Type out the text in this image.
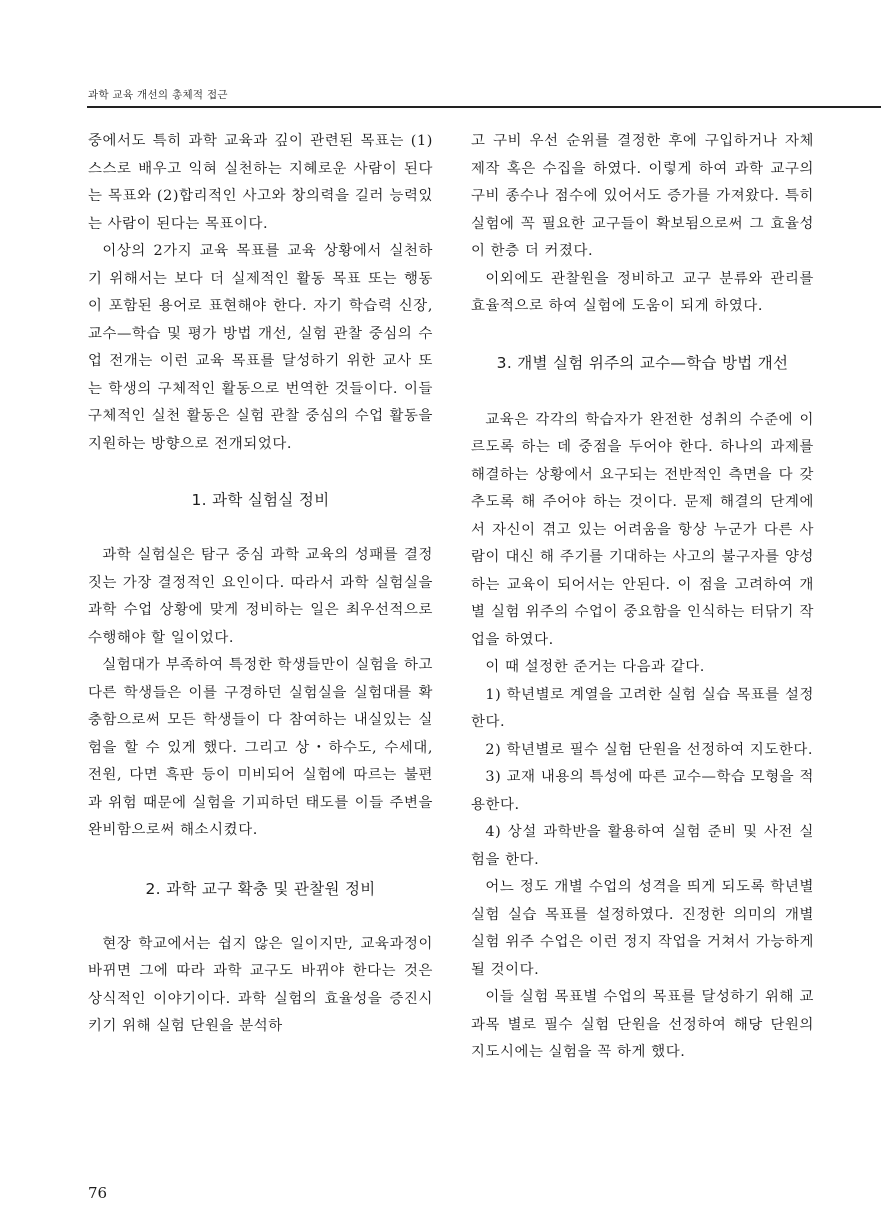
과학 교육 개선의 총체적 접근

중에서도 특히 과학 교육과 깊이 관련된 목표는 (1)스스로 배우고 익혀 실천하는 지혜로운 사람이 된다는 목표와 (2)합리적인 사고와 창의력을 길러 능력있는 사람이 된다는 목표이다.

이상의 2가지 교육 목표를 교육 상황에서 실천하기 위해서는 보다 더 실제적인 활동 목표 또는 행동이 포함된 용어로 표현해야 한다. 자기 학습력 신장, 교수—학습 및 평가 방법 개선, 실험 관찰 중심의 수업 전개는 이런 교육 목표를 달성하기 위한 교사 또는 학생의 구체적인 활동으로 번역한 것들이다. 이들 구체적인 실천 활동은 실험 관찰 중심의 수업 활동을 지원하는 방향으로 전개되었다.

1. 과학 실험실 정비

과학 실험실은 탐구 중심 과학 교육의 성패를 결정짓는 가장 결정적인 요인이다. 따라서 과학 실험실을 과학 수업 상황에 맞게 정비하는 일은 최우선적으로 수행해야 할 일이었다.

실험대가 부족하여 특정한 학생들만이 실험을 하고 다른 학생들은 이를 구경하던 실험실을 실험대를 확충함으로써 모든 학생들이 다 참여하는 내실있는 실험을 할 수 있게 했다. 그리고 상・하수도, 수세대, 전원, 다면 흑판 등이 미비되어 실험에 따르는 불편과 위험 때문에 실험을 기피하던 태도를 이들 주변을 완비함으로써 해소시켰다.

2. 과학 교구 확충 및 관찰원 정비

현장 학교에서는 쉽지 않은 일이지만, 교육과정이 바뀌면 그에 따라 과학 교구도 바뀌야 한다는 것은 상식적인 이야기이다. 과학 실험의 효율성을 증진시키기 위해 실험 단원을 분석하

고 구비 우선 순위를 결정한 후에 구입하거나 자체 제작 혹은 수집을 하였다. 이렇게 하여 과학 교구의 구비 종수나 점수에 있어서도 증가를 가져왔다. 특히 실험에 꼭 필요한 교구들이 확보됨으로써 그 효율성이 한층 더 커졌다.

이외에도 관찰원을 정비하고 교구 분류와 관리를 효율적으로 하여 실험에 도움이 되게 하였다.

3. 개별 실험 위주의 교수—학습 방법 개선

교육은 각각의 학습자가 완전한 성취의 수준에 이르도록 하는 데 중점을 두어야 한다. 하나의 과제를 해결하는 상황에서 요구되는 전반적인 측면을 다 갖추도록 해 주어야 하는 것이다. 문제 해결의 단계에서 자신이 겪고 있는 어려움을 항상 누군가 다른 사람이 대신 해 주기를 기대하는 사고의 불구자를 양성하는 교육이 되어서는 안된다. 이 점을 고려하여 개별 실험 위주의 수업이 중요함을 인식하는 터닦기 작업을 하였다.

이 때 설정한 준거는 다음과 같다.

1) 학년별로 계열을 고려한 실험 실습 목표를 설정한다.

2) 학년별로 필수 실험 단원을 선정하여 지도한다.

3) 교재 내용의 특성에 따른 교수—학습 모형을 적용한다.

4) 상설 과학반을 활용하여 실험 준비 및 사전 실험을 한다.

어느 정도 개별 수업의 성격을 띄게 되도록 학년별 실험 실습 목표를 설정하였다. 진정한 의미의 개별 실험 위주 수업은 이런 정지 작업을 거쳐서 가능하게 될 것이다.

이들 실험 목표별 수업의 목표를 달성하기 위해 교과목 별로 필수 실험 단원을 선정하여 해당 단원의 지도시에는 실험을 꼭 하게 했다.

76
